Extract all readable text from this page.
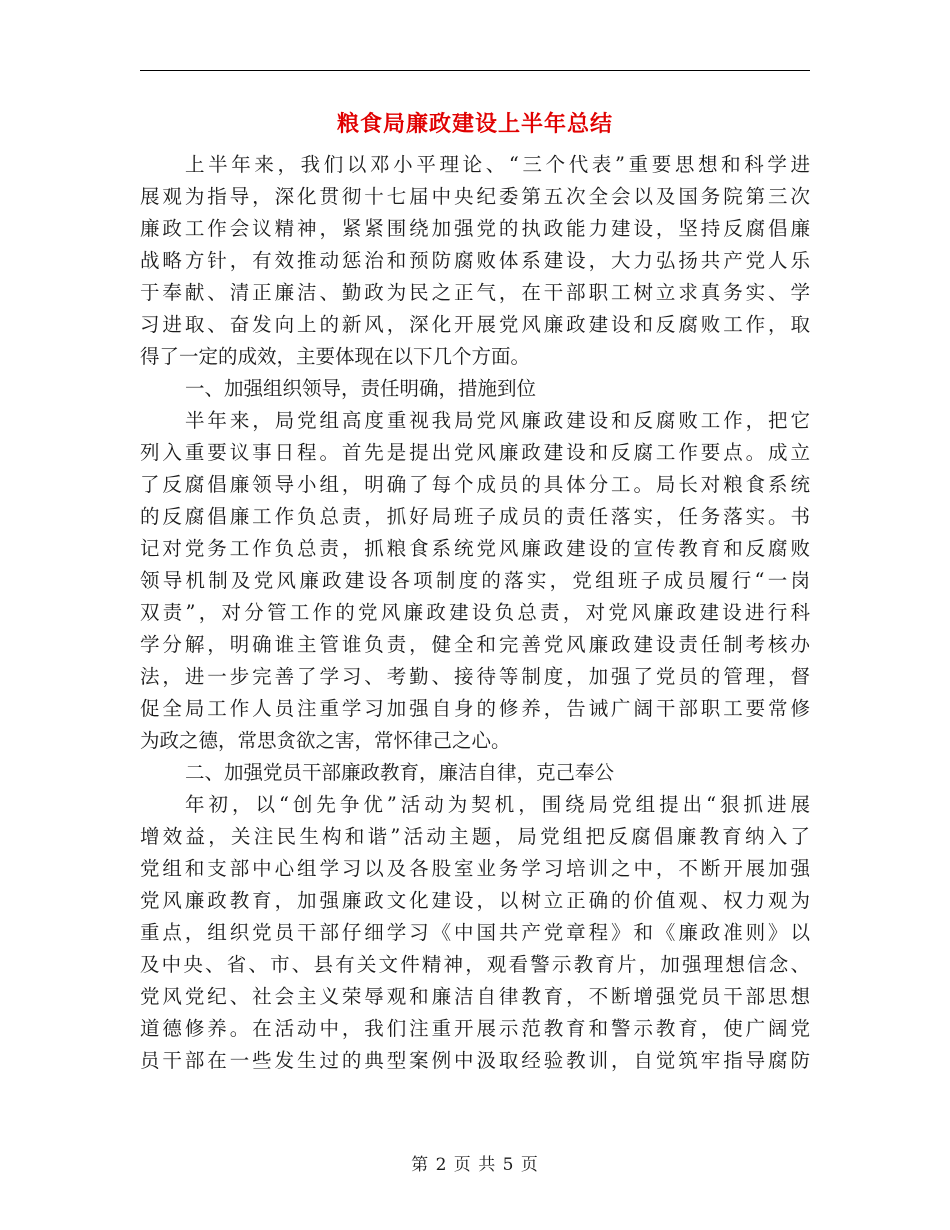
粮食局廉政建设上半年总结
上半年来，我们以邓小平理论、“三个代表”重要思想和科学进
展观为指导，深化贯彻十七届中央纪委第五次全会以及国务院第三次
廉政工作会议精神，紧紧围绕加强党的执政能力建设，坚持反腐倡廉
战略方针，有效推动惩治和预防腐败体系建设，大力弘扬共产党人乐
于奉献、清正廉洁、勤政为民之正气，在干部职工树立求真务实、学
习进取、奋发向上的新风，深化开展党风廉政建设和反腐败工作，取
得了一定的成效，主要体现在以下几个方面。
一、加强组织领导，责任明确，措施到位
半年来，局党组高度重视我局党风廉政建设和反腐败工作，把它
列入重要议事日程。首先是提出党风廉政建设和反腐工作要点。成立
了反腐倡廉领导小组，明确了每个成员的具体分工。局长对粮食系统
的反腐倡廉工作负总责，抓好局班子成员的责任落实，任务落实。书
记对党务工作负总责，抓粮食系统党风廉政建设的宣传教育和反腐败
领导机制及党风廉政建设各项制度的落实，党组班子成员履行“一岗
双责”，对分管工作的党风廉政建设负总责，对党风廉政建设进行科
学分解，明确谁主管谁负责，健全和完善党风廉政建设责任制考核办
法，进一步完善了学习、考勤、接待等制度，加强了党员的管理，督
促全局工作人员注重学习加强自身的修养，告诫广阔干部职工要常修
为政之德，常思贪欲之害，常怀律己之心。
二、加强党员干部廉政教育，廉洁自律，克己奉公
年初，以“创先争优”活动为契机，围绕局党组提出“狠抓进展
增效益，关注民生构和谐”活动主题，局党组把反腐倡廉教育纳入了
党组和支部中心组学习以及各股室业务学习培训之中，不断开展加强
党风廉政教育，加强廉政文化建设，以树立正确的价值观、权力观为
重点，组织党员干部仔细学习《中国共产党章程》和《廉政准则》以
及中央、省、市、县有关文件精神，观看警示教育片，加强理想信念、
党风党纪、社会主义荣辱观和廉洁自律教育，不断增强党员干部思想
道德修养。在活动中，我们注重开展示范教育和警示教育，使广阔党
员干部在一些发生过的典型案例中汲取经验教训，自觉筑牢指导腐防
第 2 页 共 5 页
